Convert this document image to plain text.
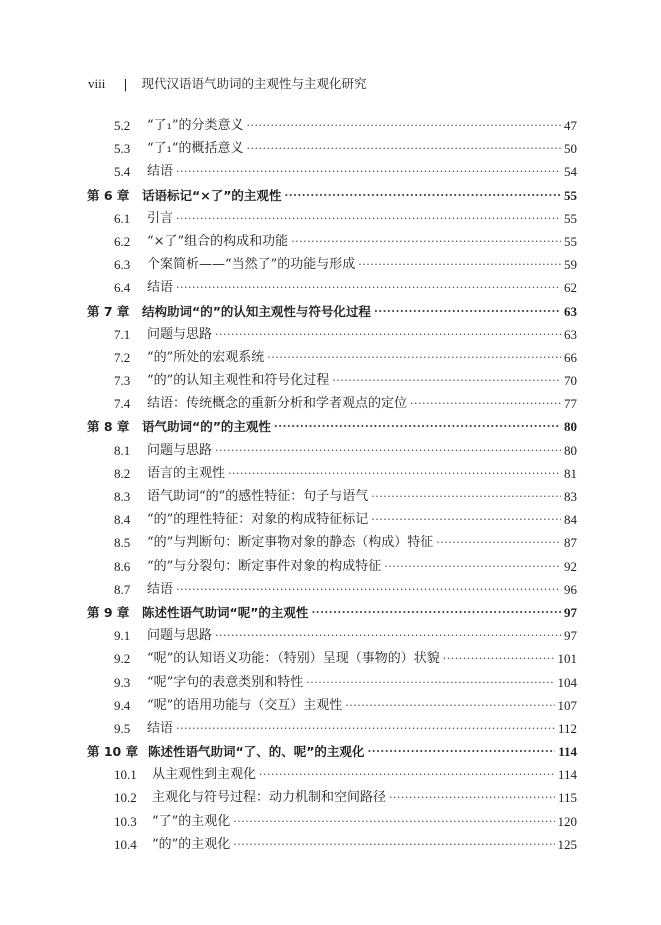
viii | 现代汉语语气助词的主观性与主观化研究
5.2 “了₁”的分类意义 ·····	47
5.3 “了₁”的概括意义 ·····	50
5.4 结语 ·····	54
第 6 章 话语标记“×了”的主观性 ·····	55
6.1 引言 ·····	55
6.2 “×了”组合的构成和功能 ·····	55
6.3 个案简析——“当然了”的功能与形成 ·····	59
6.4 结语 ·····	62
第 7 章 结构助词“的”的认知主观性与符号化过程 ·····	63
7.1 问题与思路 ·····	63
7.2 “的”所处的宏观系统 ·····	66
7.3 “的”的认知主观性和符号化过程 ·····	70
7.4 结语：传统概念的重新分析和学者观点的定位 ·····	77
第 8 章 语气助词“的”的主观性 ·····	80
8.1 问题与思路 ·····	80
8.2 语言的主观性 ·····	81
8.3 语气助词“的”的感性特征：句子与语气 ·····	83
8.4 “的”的理性特征：对象的构成特征标记 ·····	84
8.5 “的”与判断句：断定事物对象的静态（构成）特征 ·····	87
8.6 “的”与分裂句：断定事件对象的构成特征 ·····	92
8.7 结语 ·····	96
第 9 章 陈述性语气助词“呢”的主观性 ·····	97
9.1 问题与思路 ·····	97
9.2 “呢”的认知语义功能：（特别）呈现（事物的）状貌 ·····	101
9.3 “呢”字句的表意类别和特性 ·····	104
9.4 “呢”的语用功能与（交互）主观性 ·····	107
9.5 结语 ·····	112
第 10 章 陈述性语气助词“了、的、呢”的主观化 ·····	114
10.1 从主观性到主观化 ·····	114
10.2 主观化与符号过程：动力机制和空间路径 ·····	115
10.3 “了”的主观化 ·····	120
10.4 “的”的主观化 ·····	125
